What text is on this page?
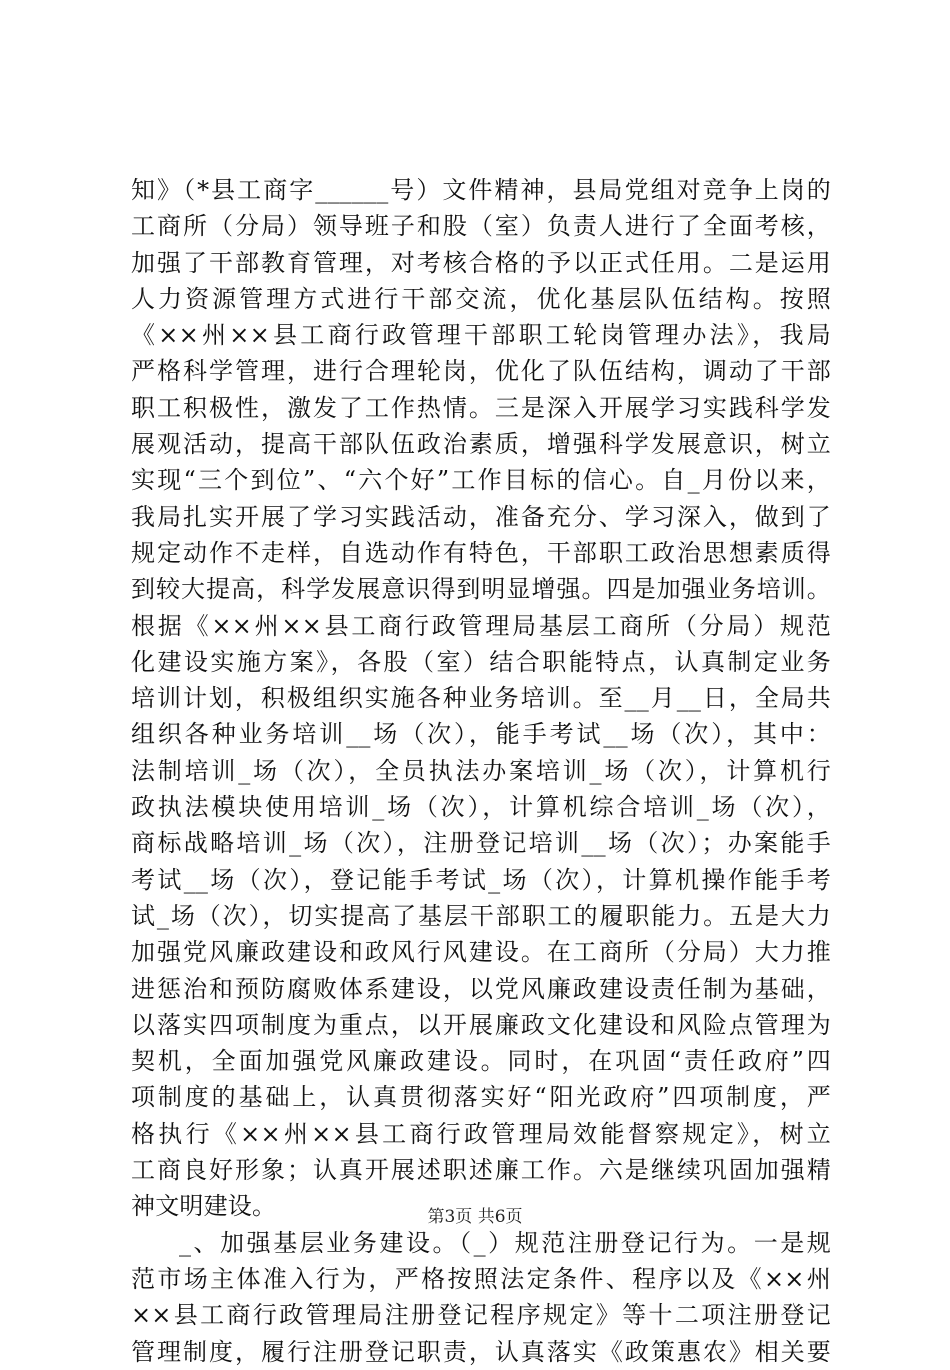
知》（*县工商字______号）文件精神，县局党组对竞争上岗的
工商所（分局）领导班子和股（室）负责人进行了全面考核，
加强了干部教育管理，对考核合格的予以正式任用。二是运用
人力资源管理方式进行干部交流，优化基层队伍结构。按照
《××州××县工商行政管理干部职工轮岗管理办法》，我局
严格科学管理，进行合理轮岗，优化了队伍结构，调动了干部
职工积极性，激发了工作热情。三是深入开展学习实践科学发
展观活动，提高干部队伍政治素质，增强科学发展意识，树立
实现“三个到位”、“六个好”工作目标的信心。自_月份以来，
我局扎实开展了学习实践活动，准备充分、学习深入，做到了
规定动作不走样，自选动作有特色，干部职工政治思想素质得
到较大提高，科学发展意识得到明显增强。四是加强业务培训。
根据《××州××县工商行政管理局基层工商所（分局）规范
化建设实施方案》，各股（室）结合职能特点，认真制定业务
培训计划，积极组织实施各种业务培训。至__月__日，全局共
组织各种业务培训__场（次），能手考试__场（次），其中：
法制培训_场（次），全员执法办案培训_场（次），计算机行
政执法模块使用培训_场（次），计算机综合培训_场（次），
商标战略培训_场（次），注册登记培训__场（次）；办案能手
考试__场（次），登记能手考试_场（次），计算机操作能手考
试_场（次），切实提高了基层干部职工的履职能力。五是大力
加强党风廉政建设和政风行风建设。在工商所（分局）大力推
进惩治和预防腐败体系建设，以党风廉政建设责任制为基础，
以落实四项制度为重点，以开展廉政文化建设和风险点管理为
契机，全面加强党风廉政建设。同时，在巩固“责任政府”四
项制度的基础上，认真贯彻落实好“阳光政府”四项制度，严
格执行《××州××县工商行政管理局效能督察规定》，树立
工商良好形象；认真开展述职述廉工作。六是继续巩固加强精
神文明建设。
_、加强基层业务建设。（_）规范注册登记行为。一是规
范市场主体准入行为，严格按照法定条件、程序以及《××州
××县工商行政管理局注册登记程序规定》等十二项注册登记
管理制度，履行注册登记职责，认真落实《政策惠农》相关要
第3页 共6页
